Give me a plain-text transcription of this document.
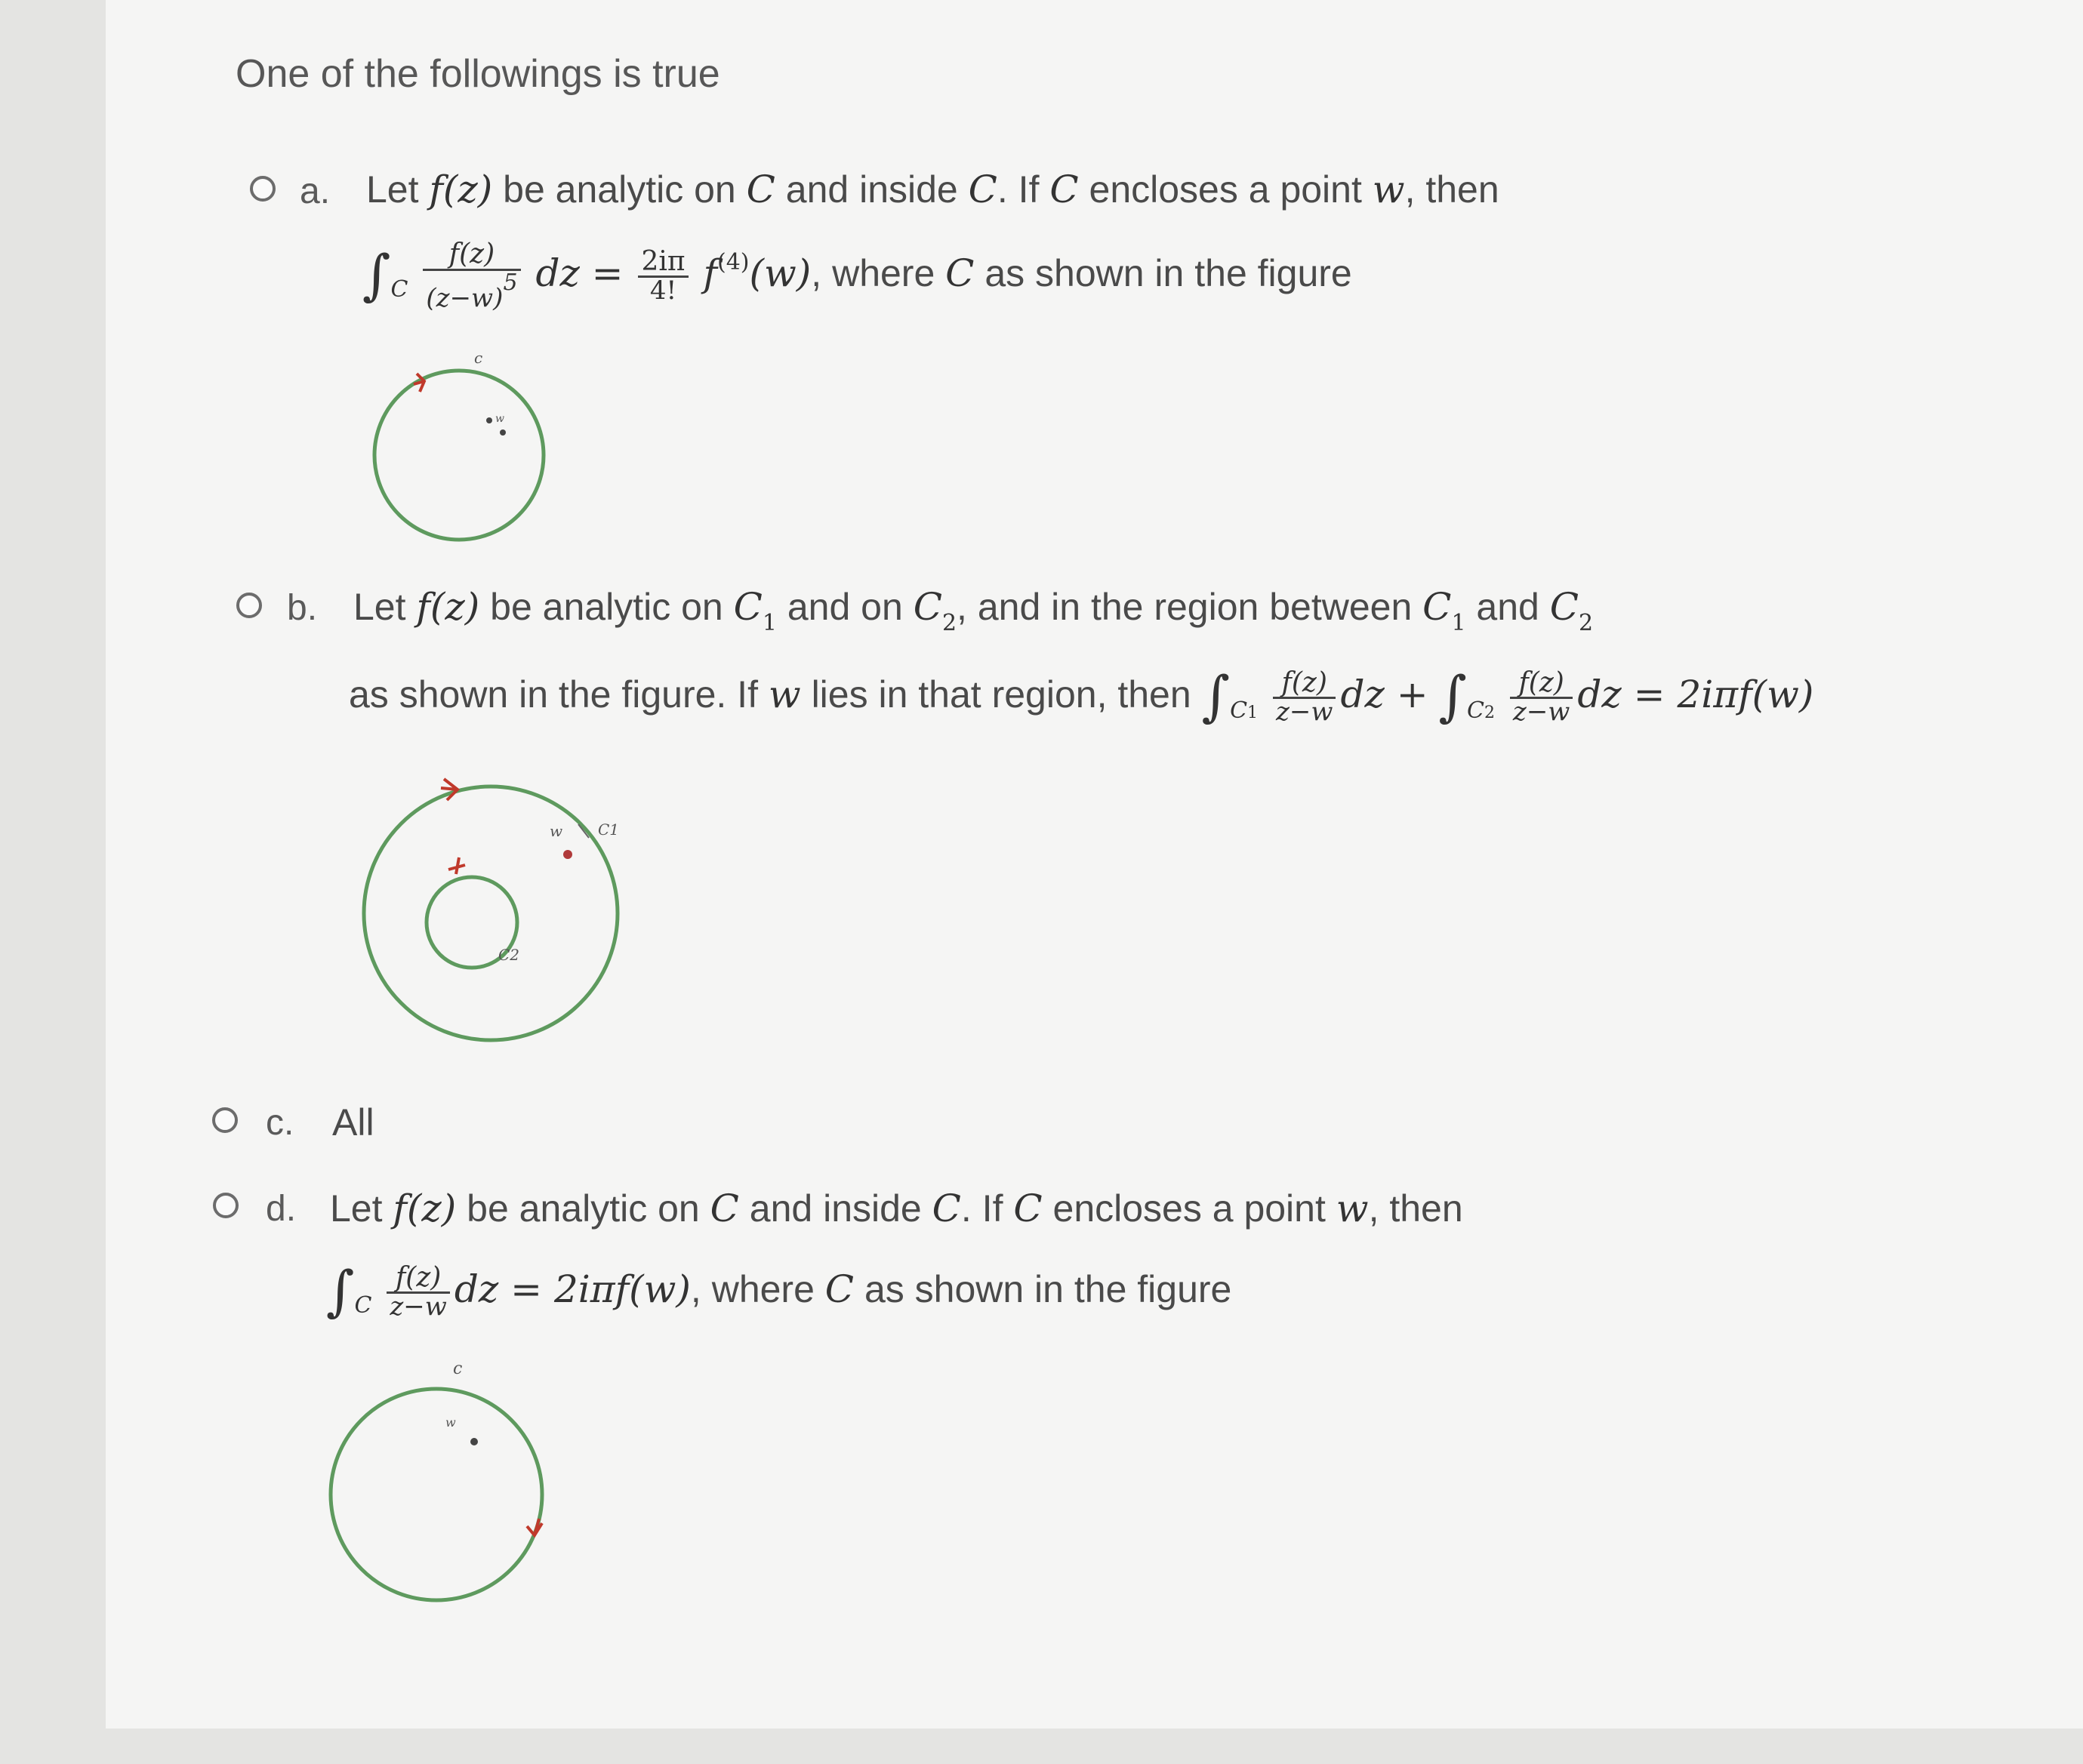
One of the followings is true
a. Let f(z) be analytic on C and inside C. If C encloses a point w, then
$\int_C \frac{f(z)}{(z-w)5}$ dz = $\frac{2i\pi}{4!} f^{(4)}(w)$, where C as shown in the figure
c
w
b. Let f(z) be analytic on $C_1$ and on $C_2$, and in the region between $C_1$ and $C_2$
as shown in the figure. If w lies in that region, then $\int_{C1} \frac{f(z)}{z-w}$ dz + $\int_{C2} \frac{f(z)}{z-w}$ dz = 2iπf(w)
w C1
C2
c. All
d. Let f(z) be analytic on C and inside C. If C encloses a point w, then
$\int_C \frac{f(z)}{z-w}$ dz = 2iπf(w), where C as shown in the figure
c
w
